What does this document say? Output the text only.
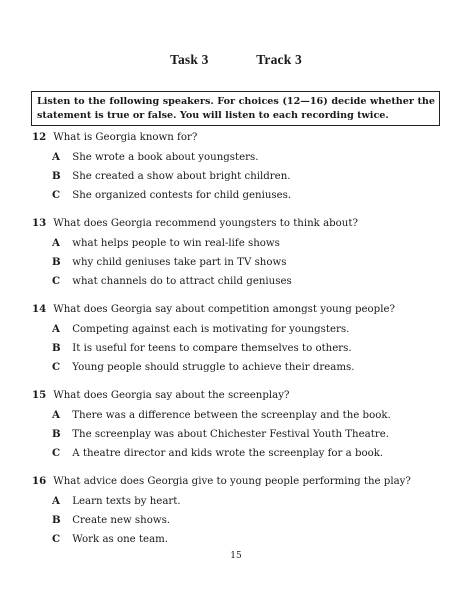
Task 3	Track 3
Listen to the following speakers. For choices (12—16) decide whether the statement is true or false. You will listen to each recording twice.
12 What is Georgia known for?
A She wrote a book about youngsters.
B She created a show about bright children.
C She organized contests for child geniuses.
13 What does Georgia recommend youngsters to think about?
A what helps people to win real-life shows
B why child geniuses take part in TV shows
C what channels do to attract child geniuses
14 What does Georgia say about competition amongst young people?
A Competing against each is motivating for youngsters.
B It is useful for teens to compare themselves to others.
C Young people should struggle to achieve their dreams.
15 What does Georgia say about the screenplay?
A There was a difference between the screenplay and the book.
B The screenplay was about Chichester Festival Youth Theatre.
C A theatre director and kids wrote the screenplay for a book.
16 What advice does Georgia give to young people performing the play?
A Learn texts by heart.
B Create new shows.
C Work as one team.
15
